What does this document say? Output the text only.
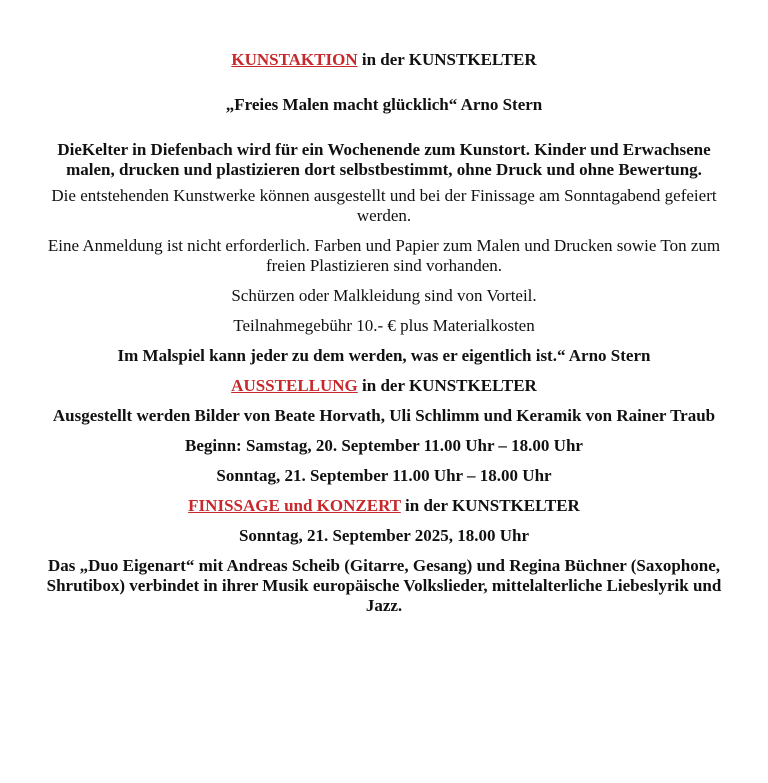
KUNSTAKTION in der KUNSTKELTER

„Freies Malen macht glücklich“ Arno Stern

DieKelter in Diefenbach wird für ein Wochenende zum Kunstort. Kinder und Erwachsene malen, drucken und plastizieren dort selbstbestimmt, ohne Druck und ohne Bewertung.

Die entstehenden Kunstwerke können ausgestellt und bei der Finissage am Sonntagabend gefeiert werden.

Eine Anmeldung ist nicht erforderlich. Farben und Papier zum Malen und Drucken sowie Ton zum freien Plastizieren sind vorhanden.

Schürzen oder Malkleidung sind von Vorteil.

Teilnahmegebühr 10.- € plus Materialkosten

Im Malspiel kann jeder zu dem werden, was er eigentlich ist.“ Arno Stern

AUSSTELLUNG in der KUNSTKELTER

Ausgestellt werden Bilder von Beate Horvath, Uli Schlimm und Keramik von Rainer Traub

Beginn: Samstag, 20. September 11.00 Uhr – 18.00 Uhr

Sonntag, 21. September 11.00 Uhr – 18.00 Uhr

FINISSAGE und KONZERT in der KUNSTKELTER

Sonntag, 21. September 2025, 18.00 Uhr

Das „Duo Eigenart“ mit Andreas Scheib (Gitarre, Gesang) und Regina Büchner (Saxophone, Shrutibox) verbindet in ihrer Musik europäische Volkslieder, mittelalterliche Liebeslyrik und Jazz.
